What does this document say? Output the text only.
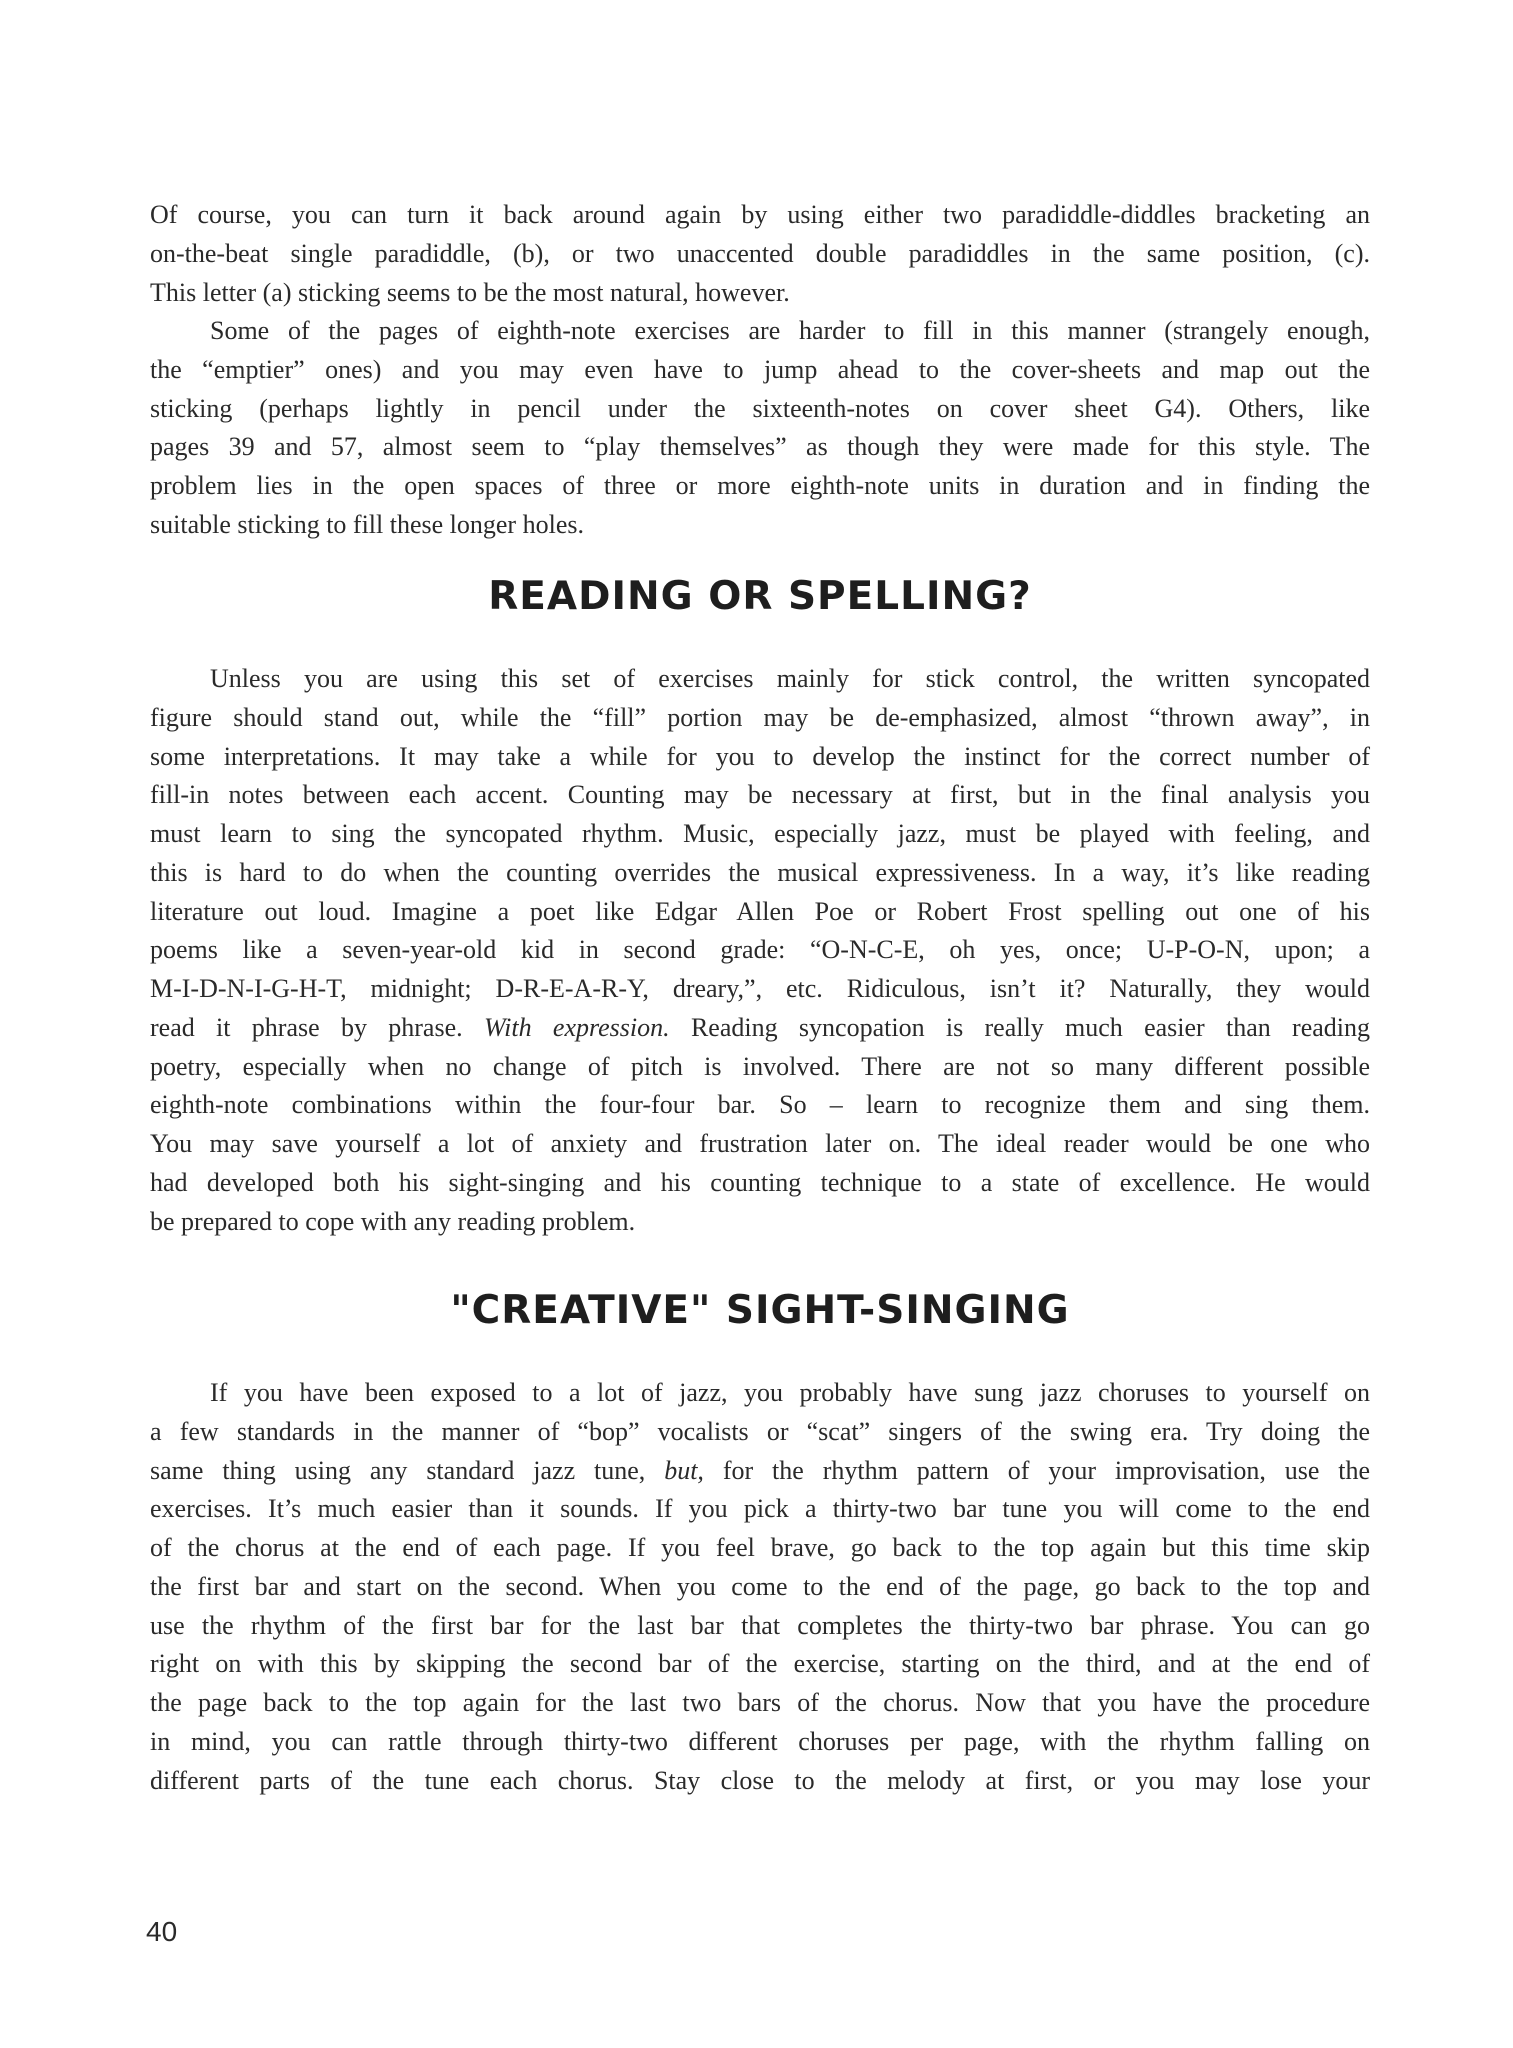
Of course, you can turn it back around again by using either two paradiddle-diddles bracketing an
on-the-beat single paradiddle, (b), or two unaccented double paradiddles in the same position, (c).
This letter (a) sticking seems to be the most natural, however.
Some of the pages of eighth-note exercises are harder to fill in this manner (strangely enough,
the “emptier” ones) and you may even have to jump ahead to the cover-sheets and map out the
sticking (perhaps lightly in pencil under the sixteenth-notes on cover sheet G4). Others, like
pages 39 and 57, almost seem to “play themselves” as though they were made for this style. The
problem lies in the open spaces of three or more eighth-note units in duration and in finding the
suitable sticking to fill these longer holes.
READING OR SPELLING?
Unless you are using this set of exercises mainly for stick control, the written syncopated
figure should stand out, while the “fill” portion may be de-emphasized, almost “thrown away”, in
some interpretations. It may take a while for you to develop the instinct for the correct number of
fill-in notes between each accent. Counting may be necessary at first, but in the final analysis you
must learn to sing the syncopated rhythm. Music, especially jazz, must be played with feeling, and
this is hard to do when the counting overrides the musical expressiveness. In a way, it’s like reading
literature out loud. Imagine a poet like Edgar Allen Poe or Robert Frost spelling out one of his
poems like a seven-year-old kid in second grade: “O-N-C-E, oh yes, once; U-P-O-N, upon; a
M-I-D-N-I-G-H-T, midnight; D-R-E-A-R-Y, dreary,”, etc. Ridiculous, isn’t it? Naturally, they would
read it phrase by phrase. With expression. Reading syncopation is really much easier than reading
poetry, especially when no change of pitch is involved. There are not so many different possible
eighth-note combinations within the four-four bar. So – learn to recognize them and sing them.
You may save yourself a lot of anxiety and frustration later on. The ideal reader would be one who
had developed both his sight-singing and his counting technique to a state of excellence. He would
be prepared to cope with any reading problem.
"CREATIVE" SIGHT-SINGING
If you have been exposed to a lot of jazz, you probably have sung jazz choruses to yourself on
a few standards in the manner of “bop” vocalists or “scat” singers of the swing era. Try doing the
same thing using any standard jazz tune, but, for the rhythm pattern of your improvisation, use the
exercises. It’s much easier than it sounds. If you pick a thirty-two bar tune you will come to the end
of the chorus at the end of each page. If you feel brave, go back to the top again but this time skip
the first bar and start on the second. When you come to the end of the page, go back to the top and
use the rhythm of the first bar for the last bar that completes the thirty-two bar phrase. You can go
right on with this by skipping the second bar of the exercise, starting on the third, and at the end of
the page back to the top again for the last two bars of the chorus. Now that you have the procedure
in mind, you can rattle through thirty-two different choruses per page, with the rhythm falling on
different parts of the tune each chorus. Stay close to the melody at first, or you may lose your
40
